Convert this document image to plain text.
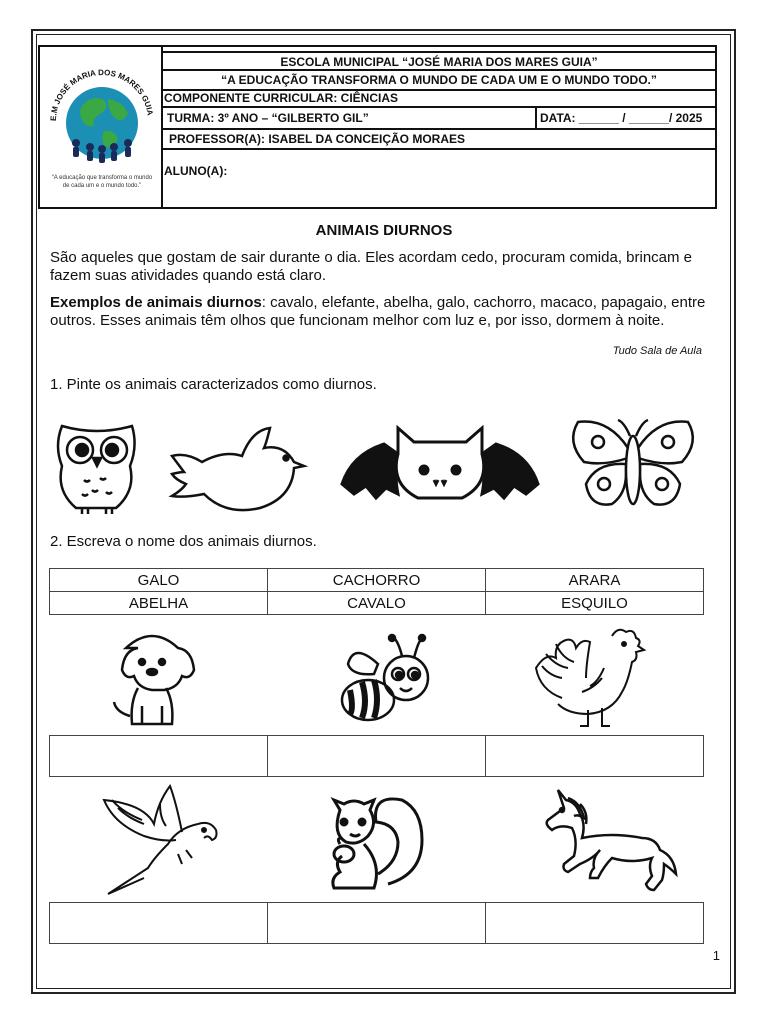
E.M JOSÉ MARIA DOS MARES GUIA
“A educação que transforma o mundo
de cada um e o mundo todo.”
ESCOLA MUNICIPAL “JOSÉ MARIA DOS MARES GUIA”
“A EDUCAÇÃO TRANSFORMA O MUNDO DE CADA UM E O MUNDO TODO.”
COMPONENTE CURRICULAR: CIÊNCIAS
TURMA: 3º ANO – “GILBERTO GIL”	DATA: ______ / ______/ 2025
PROFESSOR(A): ISABEL DA CONCEIÇÃO MORAES
ALUNO(A):
ANIMAIS DIURNOS
São aqueles que gostam de sair durante o dia. Eles acordam cedo, procuram comida, brincam e fazem suas atividades quando está claro.
Exemplos de animais diurnos: cavalo, elefante, abelha, galo, cachorro, macaco, papagaio, entre outros. Esses animais têm olhos que funcionam melhor com luz e, por isso, dormem à noite.
Tudo Sala de Aula
1. Pinte os animais caracterizados como diurnos.
2. Escreva o nome dos animais diurnos.
GALO	CACHORRO	ARARA
ABELHA	CAVALO	ESQUILO
1
